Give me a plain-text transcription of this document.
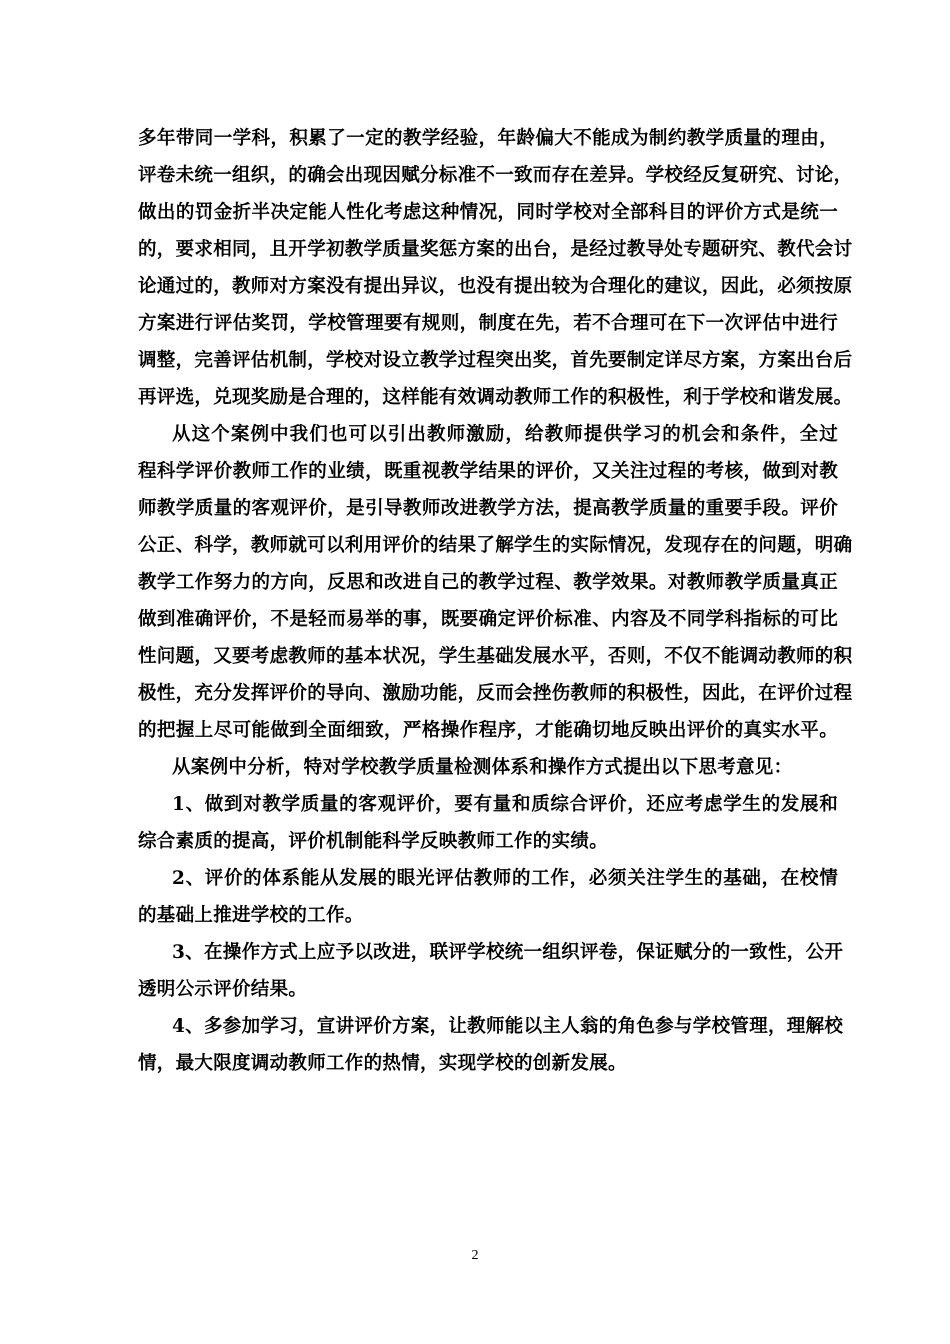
多年带同一学科，积累了一定的教学经验，年龄偏大不能成为制约教学质量的理由，
评卷未统一组织，的确会出现因赋分标准不一致而存在差异。学校经反复研究、讨论，
做出的罚金折半决定能人性化考虑这种情况，同时学校对全部科目的评价方式是统一
的，要求相同，且开学初教学质量奖惩方案的出台，是经过教导处专题研究、教代会讨
论通过的，教师对方案没有提出异议，也没有提出较为合理化的建议，因此，必须按原
方案进行评估奖罚，学校管理要有规则，制度在先，若不合理可在下一次评估中进行
调整，完善评估机制，学校对设立教学过程突出奖，首先要制定详尽方案，方案出台后
再评选，兑现奖励是合理的，这样能有效调动教师工作的积极性，利于学校和谐发展。
从这个案例中我们也可以引出教师激励，给教师提供学习的机会和条件，全过
程科学评价教师工作的业绩，既重视教学结果的评价，又关注过程的考核，做到对教
师教学质量的客观评价，是引导教师改进教学方法，提高教学质量的重要手段。评价
公正、科学，教师就可以利用评价的结果了解学生的实际情况，发现存在的问题，明确
教学工作努力的方向，反思和改进自己的教学过程、教学效果。对教师教学质量真正
做到准确评价，不是轻而易举的事，既要确定评价标准、内容及不同学科指标的可比
性问题，又要考虑教师的基本状况，学生基础发展水平，否则，不仅不能调动教师的积
极性，充分发挥评价的导向、激励功能，反而会挫伤教师的积极性，因此，在评价过程
的把握上尽可能做到全面细致，严格操作程序，才能确切地反映出评价的真实水平。
从案例中分析，特对学校教学质量检测体系和操作方式提出以下思考意见：
1、做到对教学质量的客观评价，要有量和质综合评价，还应考虑学生的发展和
综合素质的提高，评价机制能科学反映教师工作的实绩。
2、评价的体系能从发展的眼光评估教师的工作，必须关注学生的基础，在校情
的基础上推进学校的工作。
3、在操作方式上应予以改进，联评学校统一组织评卷，保证赋分的一致性，公开
透明公示评价结果。
4、多参加学习，宣讲评价方案，让教师能以主人翁的角色参与学校管理，理解校
情，最大限度调动教师工作的热情，实现学校的创新发展。
2
